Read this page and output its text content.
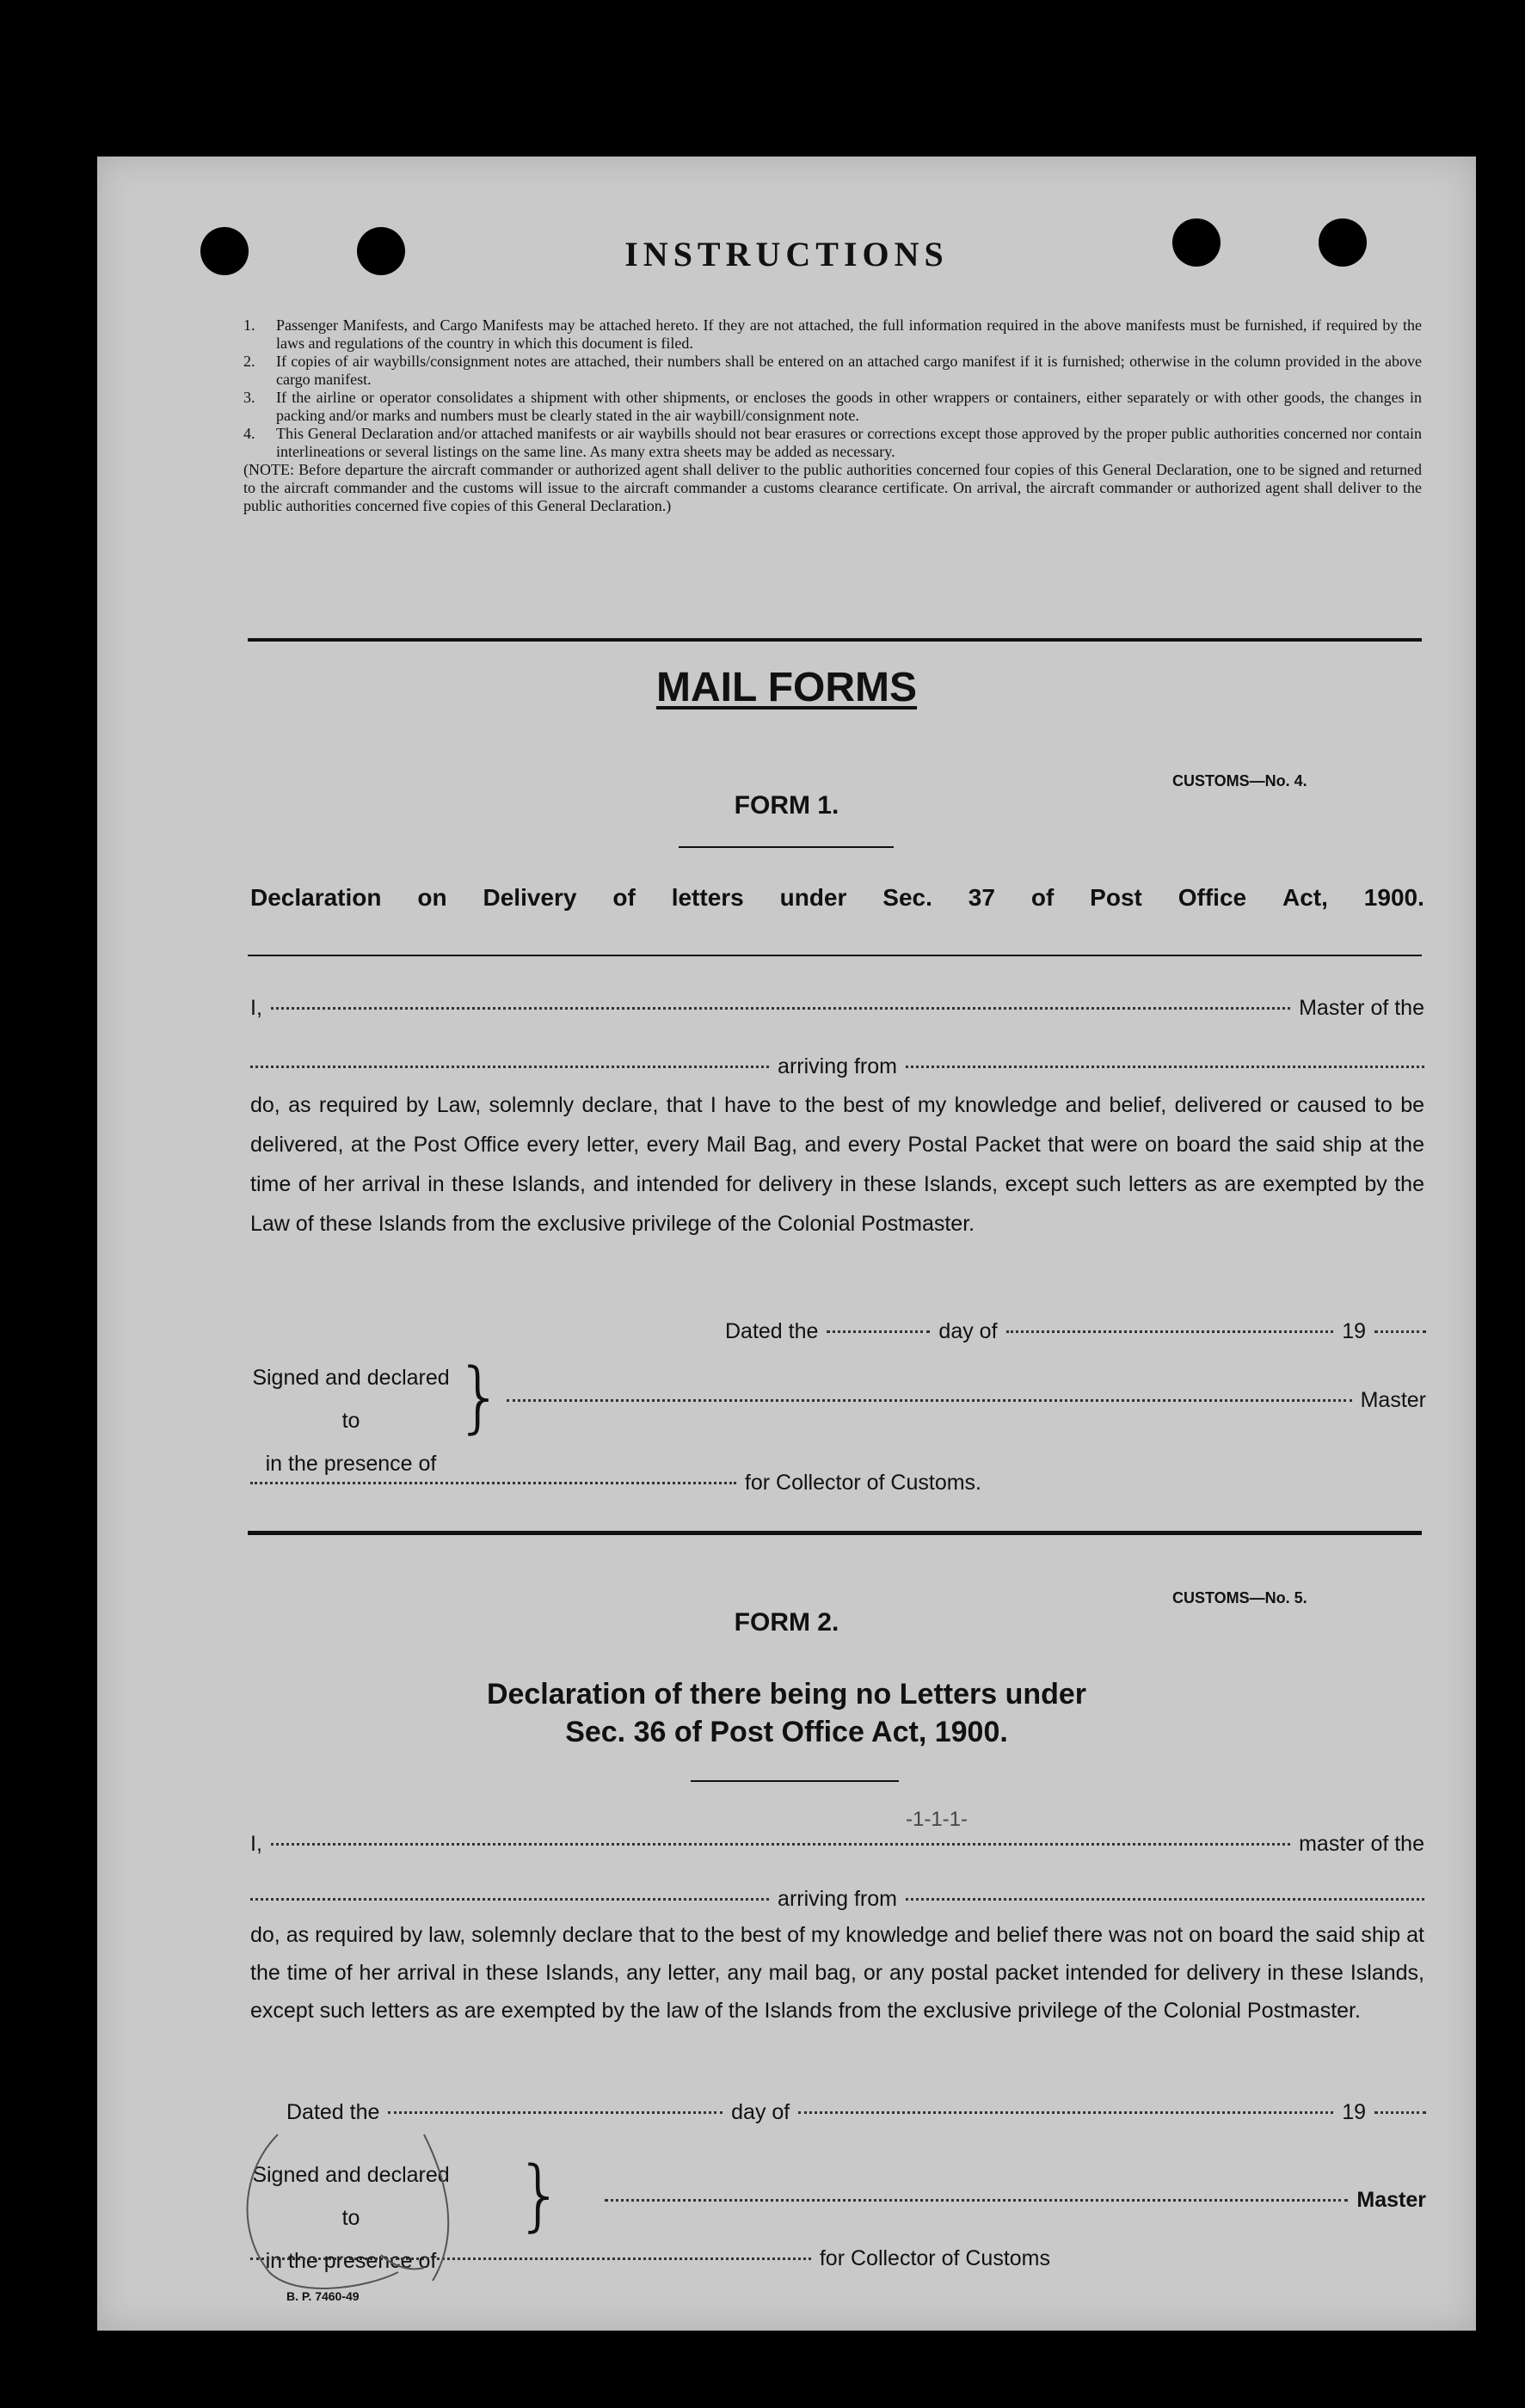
INSTRUCTIONS
1.	Passenger Manifests, and Cargo Manifests may be attached hereto. If they are not attached, the full information required in the above manifests must be furnished, if required by the laws and regulations of the country in which this document is filed.
2.	If copies of air waybills/consignment notes are attached, their numbers shall be entered on an attached cargo manifest if it is furnished; otherwise in the column provided in the above cargo manifest.
3.	If the airline or operator consolidates a shipment with other shipments, or encloses the goods in other wrappers or containers, either separately or with other goods, the changes in packing and/or marks and numbers must be clearly stated in the air waybill/consignment note.
4.	This General Declaration and/or attached manifests or air waybills should not bear erasures or corrections except those approved by the proper public authorities concerned nor contain interlineations or several listings on the same line. As many extra sheets may be added as necessary.
(NOTE: Before departure the aircraft commander or authorized agent shall deliver to the public authorities concerned four copies of this General Declaration, one to be signed and returned to the aircraft commander and the customs will issue to the aircraft commander a customs clearance certificate. On arrival, the aircraft commander or authorized agent shall deliver to the public authorities concerned five copies of this General Declaration.)
MAIL FORMS
CUSTOMS—No. 4.
FORM 1.
Declaration on Delivery of letters under Sec. 37 of Post Office Act, 1900.
I,	Master of the
arriving from
do, as required by Law, solemnly declare, that I have to the best of my knowledge and belief, delivered or caused to be delivered, at the Post Office every letter, every Mail Bag, and every Postal Packet that were on board the said ship at the time of her arrival in these Islands, and intended for delivery in these Islands, except such letters as are exempted by the Law of these Islands from the exclusive privilege of the Colonial Postmaster.
Dated the	day of	19
Signed and declared to
in the presence of
}	Master
for Collector of Customs.
CUSTOMS—No. 5.
FORM 2.
Declaration of there being no Letters under
Sec. 36 of Post Office Act, 1900.
-1-1-1-
I,	master of the
arriving from
do, as required by law, solemnly declare that to the best of my knowledge and belief there was not on board the said ship at the time of her arrival in these Islands, any letter, any mail bag, or any postal packet intended for delivery in these Islands, except such letters as are exempted by the law of the Islands from the exclusive privilege of the Colonial Postmaster.
Dated the	day of	19
Signed and declared to
in the presence of
}	Master
for Collector of Customs
B. P. 7460-49
